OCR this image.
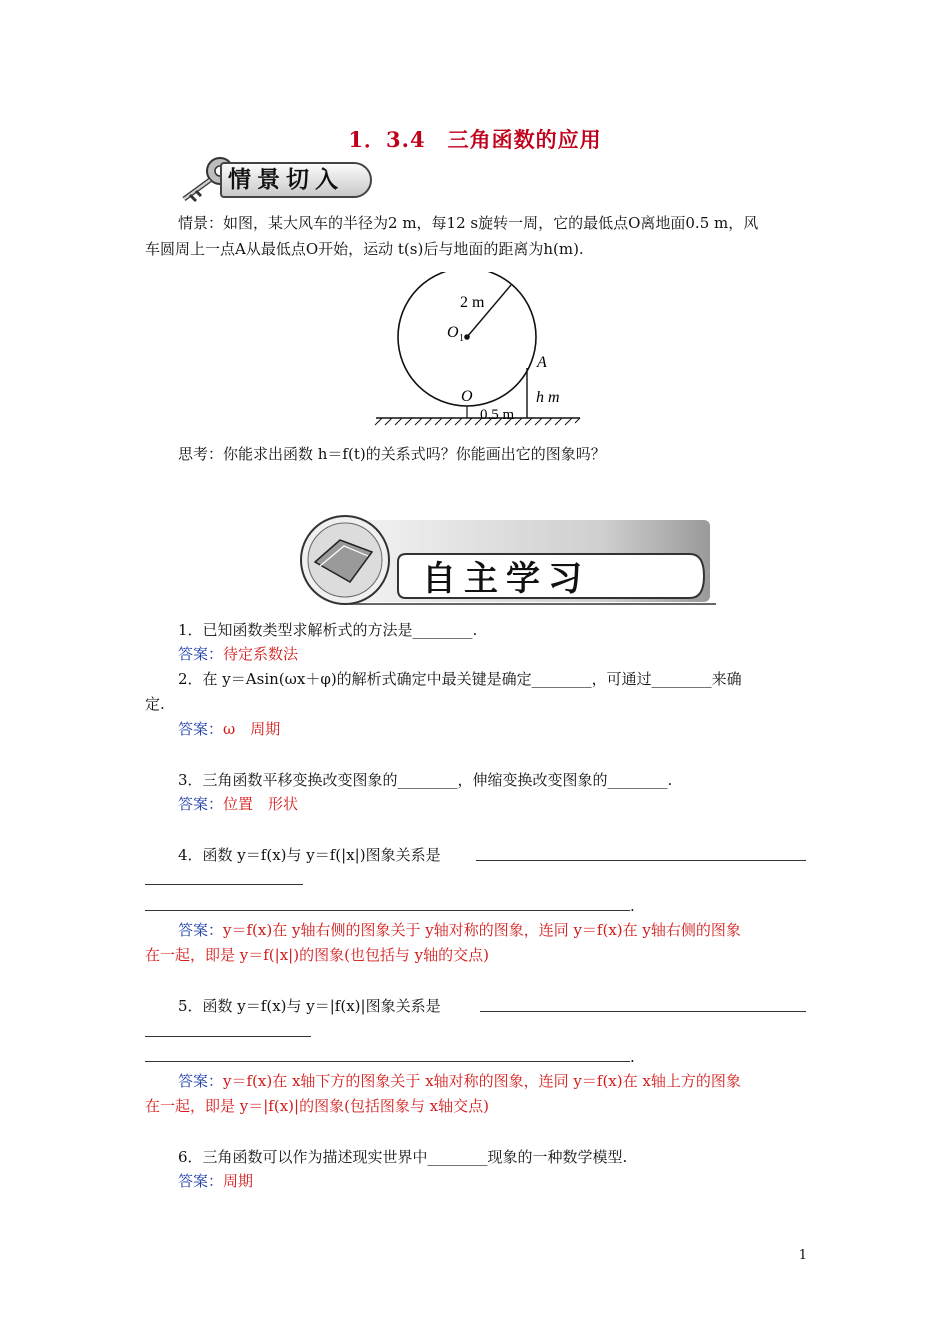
1．3.4　三角函数的应用
情景切入
情景：如图，某大风车的半径为2 m，每12 s旋转一周，它的最低点O离地面0.5 m，风
车圆周上一点A从最低点O开始，运动 t(s)后与地面的距离为h(m).
2 m
O 1
A
O	h m
0.5 m
思考：你能求出函数 h＝f(t)的关系式吗？你能画出它的图象吗？
自主学习
1．已知函数类型求解析式的方法是________.
答案：待定系数法
2．在 y＝Asin(ωx＋φ)的解析式确定中最关键是确定________，可通过________来确
定.
答案：ω　周期
3．三角函数平移变换改变图象的________，伸缩变换改变图象的________.
答案：位置　形状
4．函数 y＝f(x)与 y＝f(|x|)图象关系是
.
答案：y＝f(x)在 y轴右侧的图象关于 y轴对称的图象，连同 y＝f(x)在 y轴右侧的图象
在一起，即是 y＝f(|x|)的图象(也包括与 y轴的交点)
5．函数 y＝f(x)与 y＝|f(x)|图象关系是
.
答案：y＝f(x)在 x轴下方的图象关于 x轴对称的图象，连同 y＝f(x)在 x轴上方的图象
在一起，即是 y＝|f(x)|的图象(包括图象与 x轴交点)
6．三角函数可以作为描述现实世界中________现象的一种数学模型.
答案：周期
1
